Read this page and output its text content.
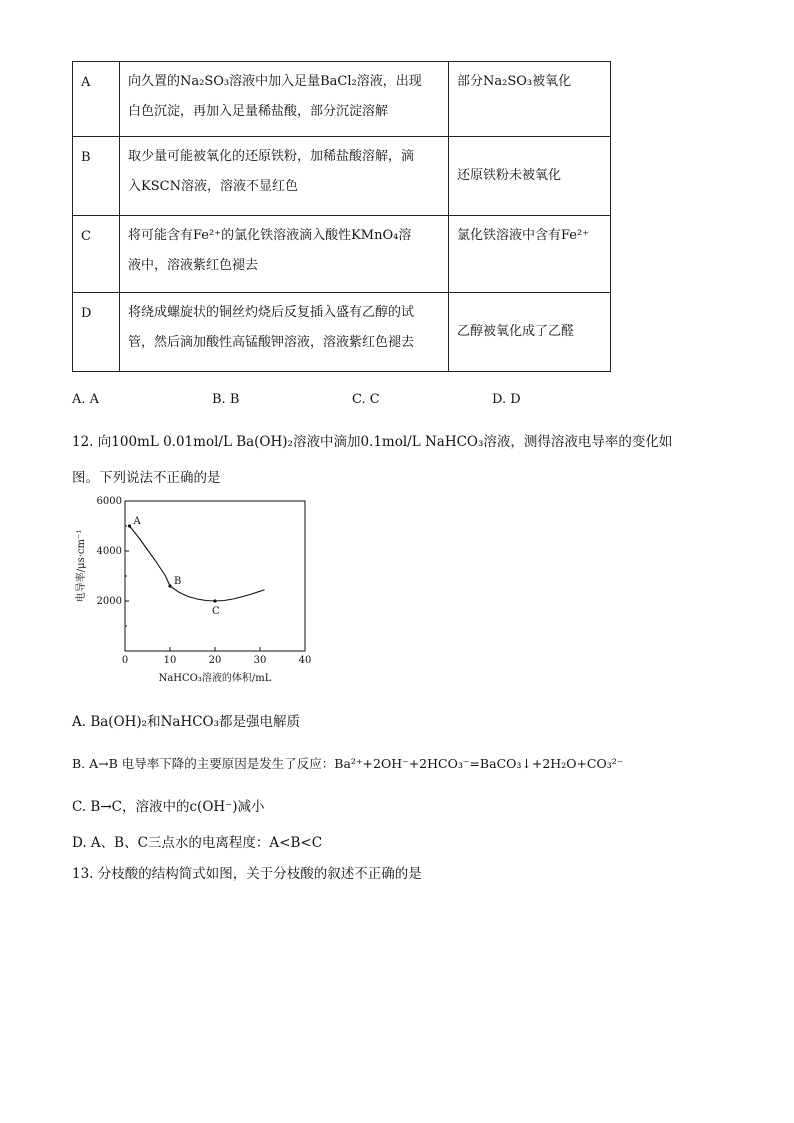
A	向久置的Na₂SO₃溶液中加入足量BaCl₂溶液，出现
白色沉淀，再加入足量稀盐酸，部分沉淀溶解	部分Na₂SO₃被氧化
B	取少量可能被氧化的还原铁粉，加稀盐酸溶解，滴
入KSCN溶液，溶液不显红色	还原铁粉未被氧化
C	将可能含有Fe²⁺的氯化铁溶液滴入酸性KMnO₄溶
液中，溶液紫红色褪去	氯化铁溶液中含有Fe²⁺
D	将绕成螺旋状的铜丝灼烧后反复插入盛有乙醇的试
管，然后滴加酸性高锰酸钾溶液，溶液紫红色褪去	乙醇被氧化成了乙醛
A. A	B. B	C. C	D. D
12. 向100mL 0.01mol/L Ba(OH)₂溶液中滴加0.1mol/L NaHCO₃溶液，测得溶液电导率的变化如
图。下列说法不正确的是
0	10	20	30	40
2000
4000
6000
A
B
C
NaHCO₃溶液的体积/mL
电导率/μs·cm⁻¹
A. Ba(OH)₂和NaHCO₃都是强电解质
B. A→B 电导率下降的主要原因是发生了反应：Ba²⁺+2OH⁻+2HCO₃⁻=BaCO₃↓+2H₂O+CO₃²⁻
C. B→C，溶液中的c(OH⁻)减小
D. A、B、C三点水的电离程度：A<B<C
13. 分枝酸的结构简式如图，关于分枝酸的叙述不正确的是
